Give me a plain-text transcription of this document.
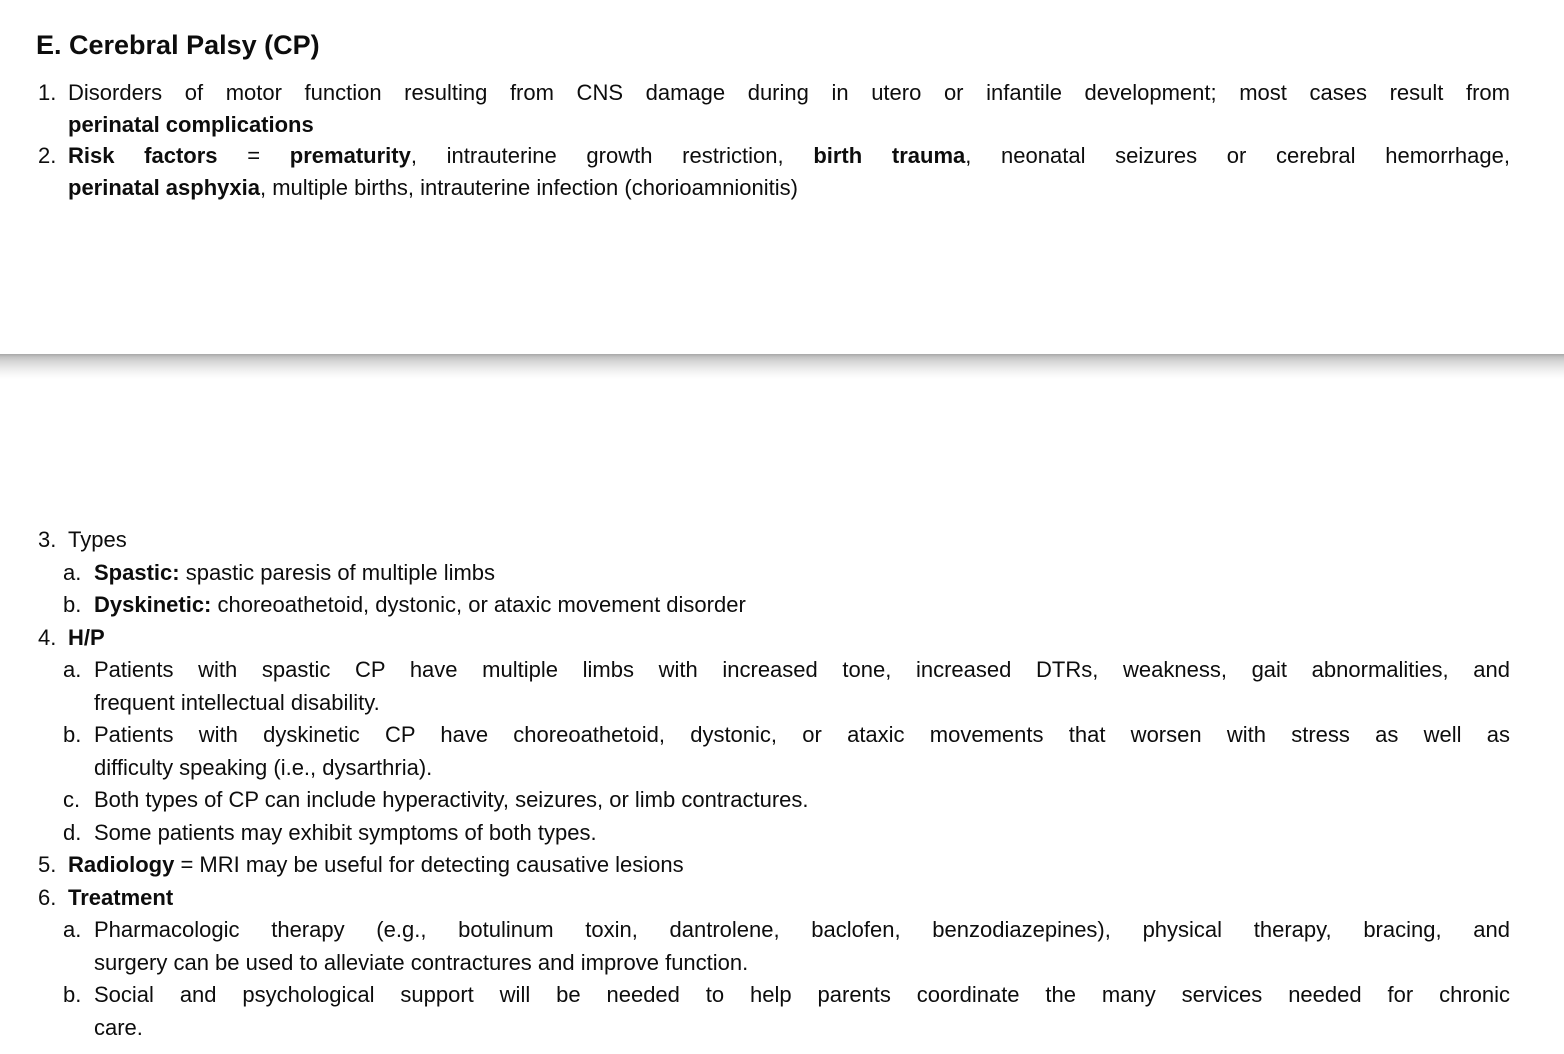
E. Cerebral Palsy (CP)
1. Disorders of motor function resulting from CNS damage during in utero or infantile development; most cases result from
perinatal complications
2. Risk factors = prematurity, intrauterine growth restriction, birth trauma, neonatal seizures or cerebral hemorrhage,
perinatal asphyxia, multiple births, intrauterine infection (chorioamnionitis)
3. Types
a. Spastic: spastic paresis of multiple limbs
b. Dyskinetic: choreoathetoid, dystonic, or ataxic movement disorder
4. H/P
a. Patients with spastic CP have multiple limbs with increased tone, increased DTRs, weakness, gait abnormalities, and
frequent intellectual disability.
b. Patients with dyskinetic CP have choreoathetoid, dystonic, or ataxic movements that worsen with stress as well as
difficulty speaking (i.e., dysarthria).
c. Both types of CP can include hyperactivity, seizures, or limb contractures.
d. Some patients may exhibit symptoms of both types.
5. Radiology = MRI may be useful for detecting causative lesions
6. Treatment
a. Pharmacologic therapy (e.g., botulinum toxin, dantrolene, baclofen, benzodiazepines), physical therapy, bracing, and
surgery can be used to alleviate contractures and improve function.
b. Social and psychological support will be needed to help parents coordinate the many services needed for chronic
care.
